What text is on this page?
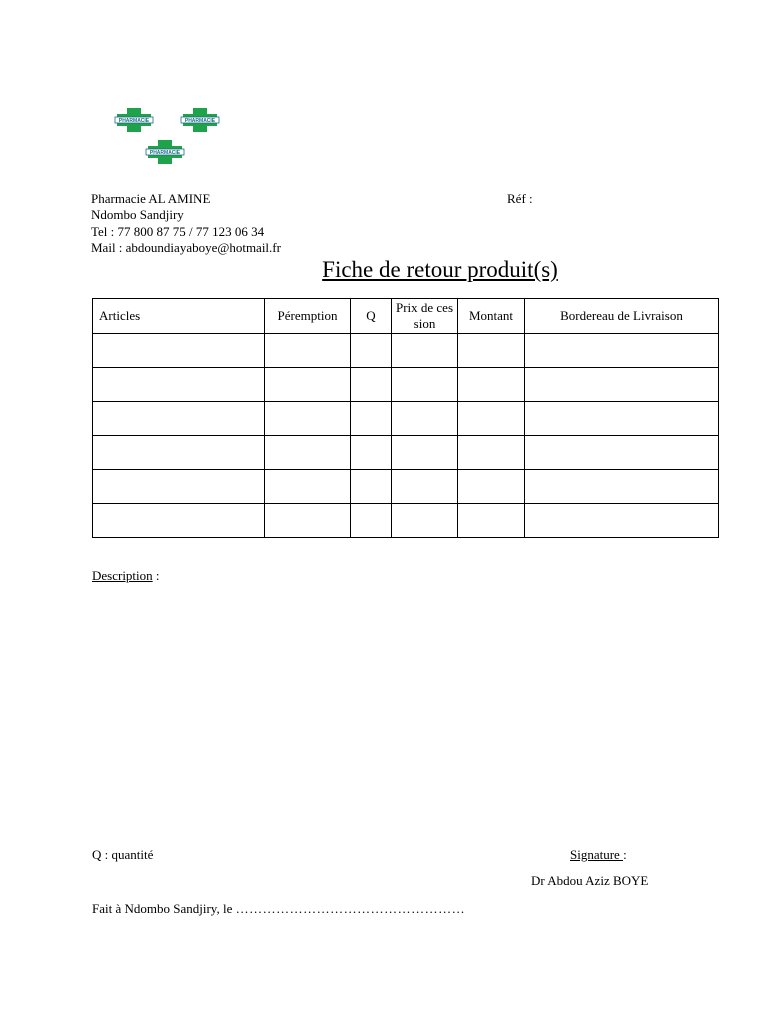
PHARMACIE	PHARMACIE
PHARMACIE
Pharmacie AL AMINE
Ndombo Sandjiry
Tel : 77 800 87 75 / 77 123 06 34
Mail : abdoundiayaboye@hotmail.fr
Réf :
Fiche de retour produit(s)
Articles	Péremption	Q	Prix de cession	Montant	Bordereau de Livraison

Description :
Q : quantité	Signature :
Dr Abdou Aziz BOYE
Fait à Ndombo Sandjiry, le ……………………………………………
